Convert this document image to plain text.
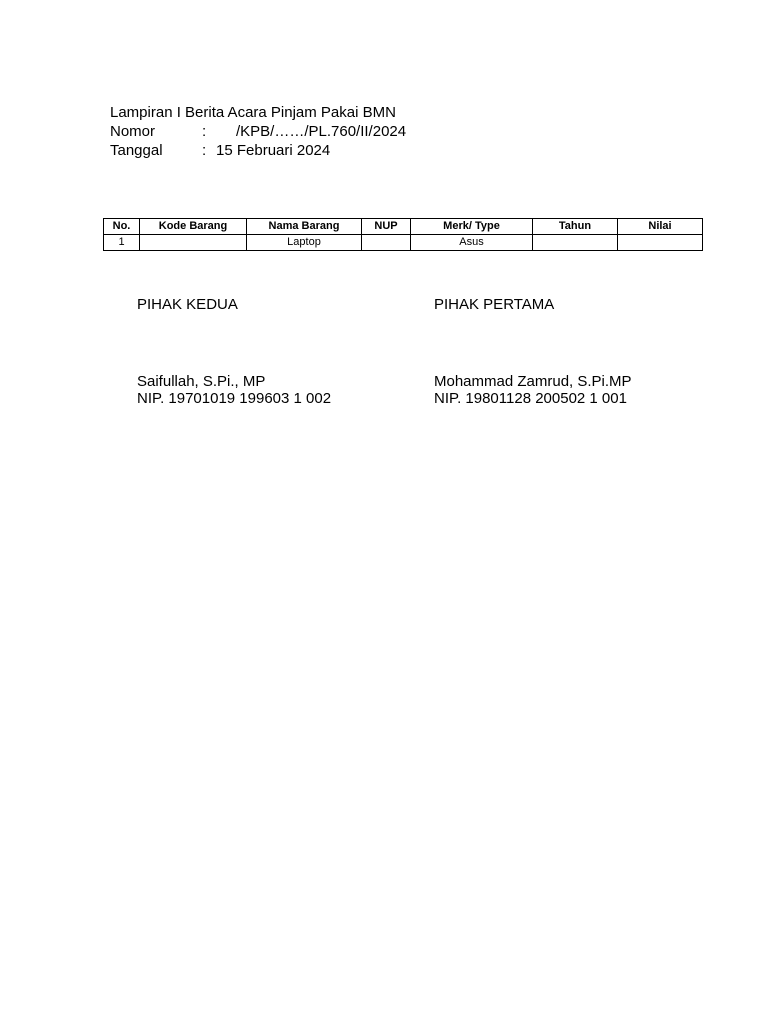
Lampiran I Berita Acara Pinjam Pakai BMN
Nomor	:	/KPB/……/PL.760/II/2024
Tanggal	: 15 Februari 2024
No.	Kode Barang	Nama Barang	NUP	Merk/ Type	Tahun	Nilai
1		Laptop		Asus		
PIHAK KEDUA
Saifullah, S.Pi., MP
NIP. 19701019 199603 1 002
PIHAK PERTAMA
Mohammad Zamrud, S.Pi.MP
NIP. 19801128 200502 1 001
